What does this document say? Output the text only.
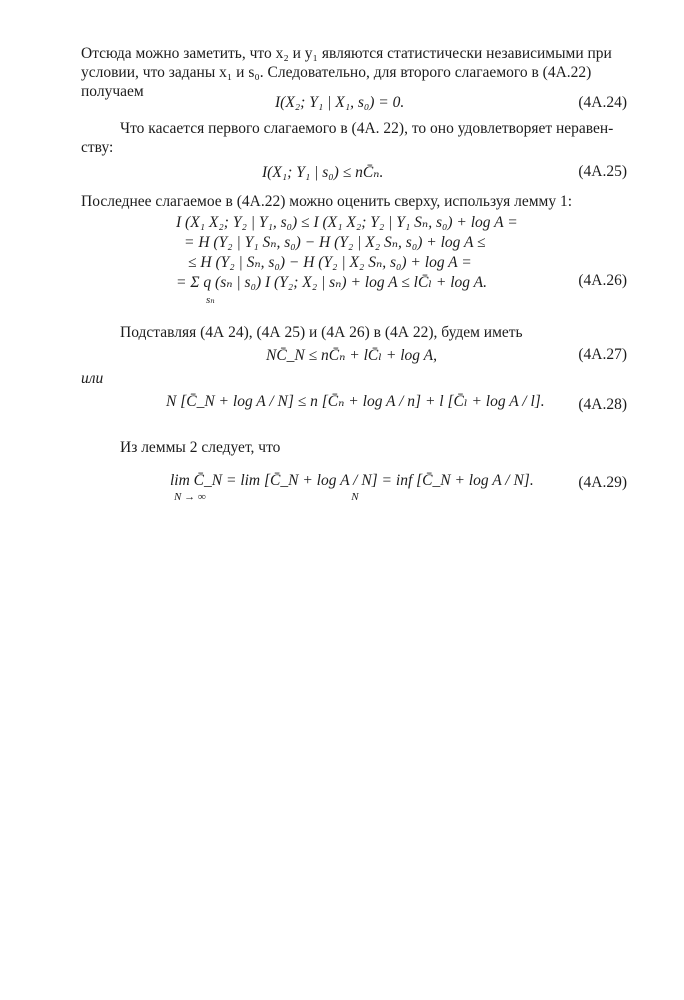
Отсюда можно заметить, что x₂ и y₁ являются статистически независимыми при
условии, что заданы x₁ и s₀. Следовательно, для второго слагаемого в (4А.22)
получаем
I(X₂; Y₁ | X₁, s₀) = 0.	(4А.24)
Что касается первого слагаемого в (4А. 22), то оно удовлетворяет неравен-
ству:
I(X₁; Y₁ | s₀) ≤ nC̄ₙ.	(4А.25)
Последнее слагаемое в (4А.22) можно оценить сверху, используя лемму 1:
I (X₁ X₂; Y₂ | Y₁, s₀) ≤ I (X₁ X₂; Y₂ | Y₁ Sₙ, s₀) + log A =
= H (Y₂ | Y₁ Sₙ, s₀) − H (Y₂ | X₂ Sₙ, s₀) + log A ≤
≤ H (Y₂ | Sₙ, s₀) − H (Y₂ | X₂ Sₙ, s₀) + log A =
= Σ q (sₙ | s₀) I (Y₂; X₂ | sₙ) + log A ≤ lC̄ₗ + log A.
sₙ
(4А.26)
Подставляя (4А 24), (4А 25) и (4А 26) в (4А 22), будем иметь
NC̄_N ≤ nC̄ₙ + lC̄ₗ + log A,	(4А.27)
или
N [C̄_N + log A / N] ≤ n [C̄ₙ + log A / n] + l [C̄ₗ + log A / l]. (4А.28)
Из леммы 2 следует, что
lim C̄_N = lim [C̄_N + log A / N] = inf [C̄_N + log A / N].
N → ∞	N
(4А.29)
